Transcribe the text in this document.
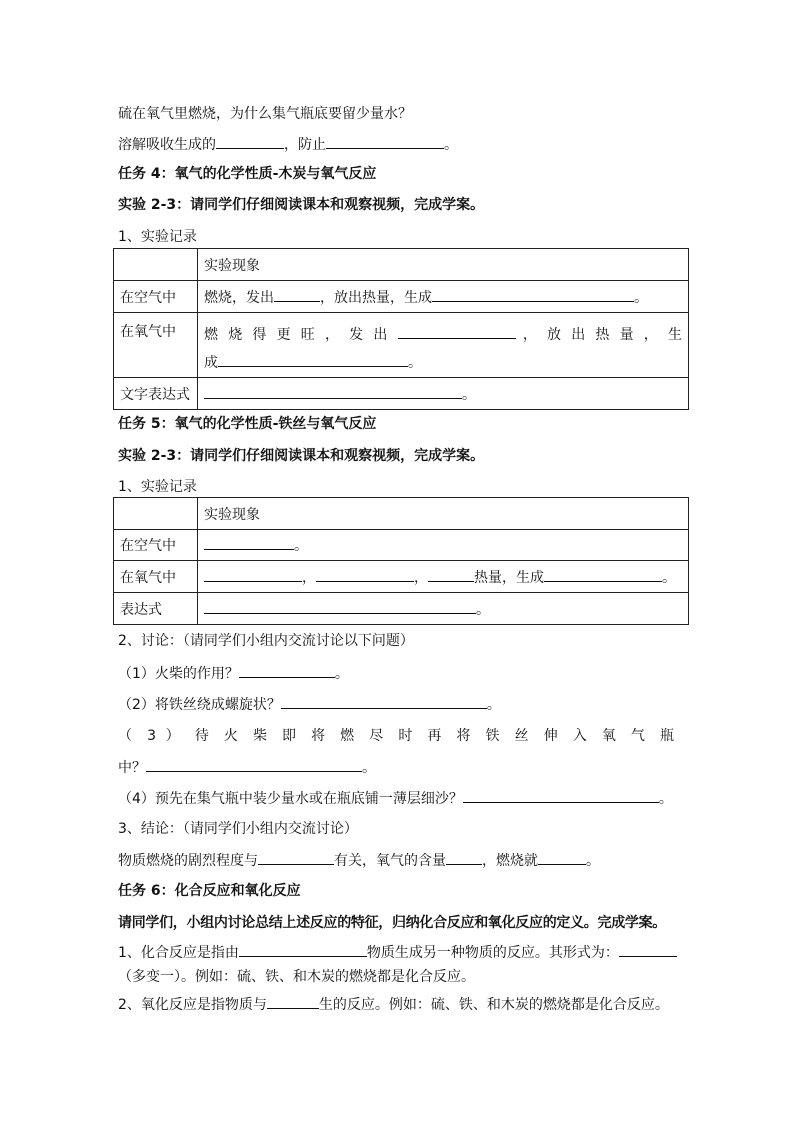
硫在氧气里燃烧，为什么集气瓶底要留少量水？
溶解吸收生成的	，防止	。
任务 4：氧气的化学性质-木炭与氧气反应
实验 2-3：请同学们仔细阅读课本和观察视频，完成学案。
1、实验记录
	实验现象
在空气中	燃烧，发出 ，放出热量，生成 。
在氧气中	燃 烧 得 更 旺 ， 发 出 ， 放 出 热 量 ， 生
成 。

文字表达式	。
任务 5：氧气的化学性质-铁丝与氧气反应
实验 2-3：请同学们仔细阅读课本和观察视频，完成学案。
1、实验记录
	实验现象
在空气中	。
在氧气中	， ， 热量，生成 。
表达式	。
2、讨论：（请同学们小组内交流讨论以下问题）
（1）火柴的作用？	。
（2）将铁丝绕成螺旋状？	。
（ 3 ） 待 火 柴 即 将 燃 尽 时 再 将 铁 丝 伸 入 氧 气 瓶
中？	。
（4）预先在集气瓶中装少量水或在瓶底铺一薄层细沙？	。
3、结论：（请同学们小组内交流讨论）
物质燃烧的剧烈程度与	有关，氧气的含量	，燃烧就	。
任务 6：化合反应和氧化反应
请同学们，小组内讨论总结上述反应的特征，归纳化合反应和氧化反应的定义。完成学案。
1、化合反应是指由	物质生成另一种物质的反应。其形式为：
（多变一）。例如：硫、铁、和木炭的燃烧都是化合反应。
2、氧化反应是指物质与	生的反应。例如：硫、铁、和木炭的燃烧都是化合反应。
